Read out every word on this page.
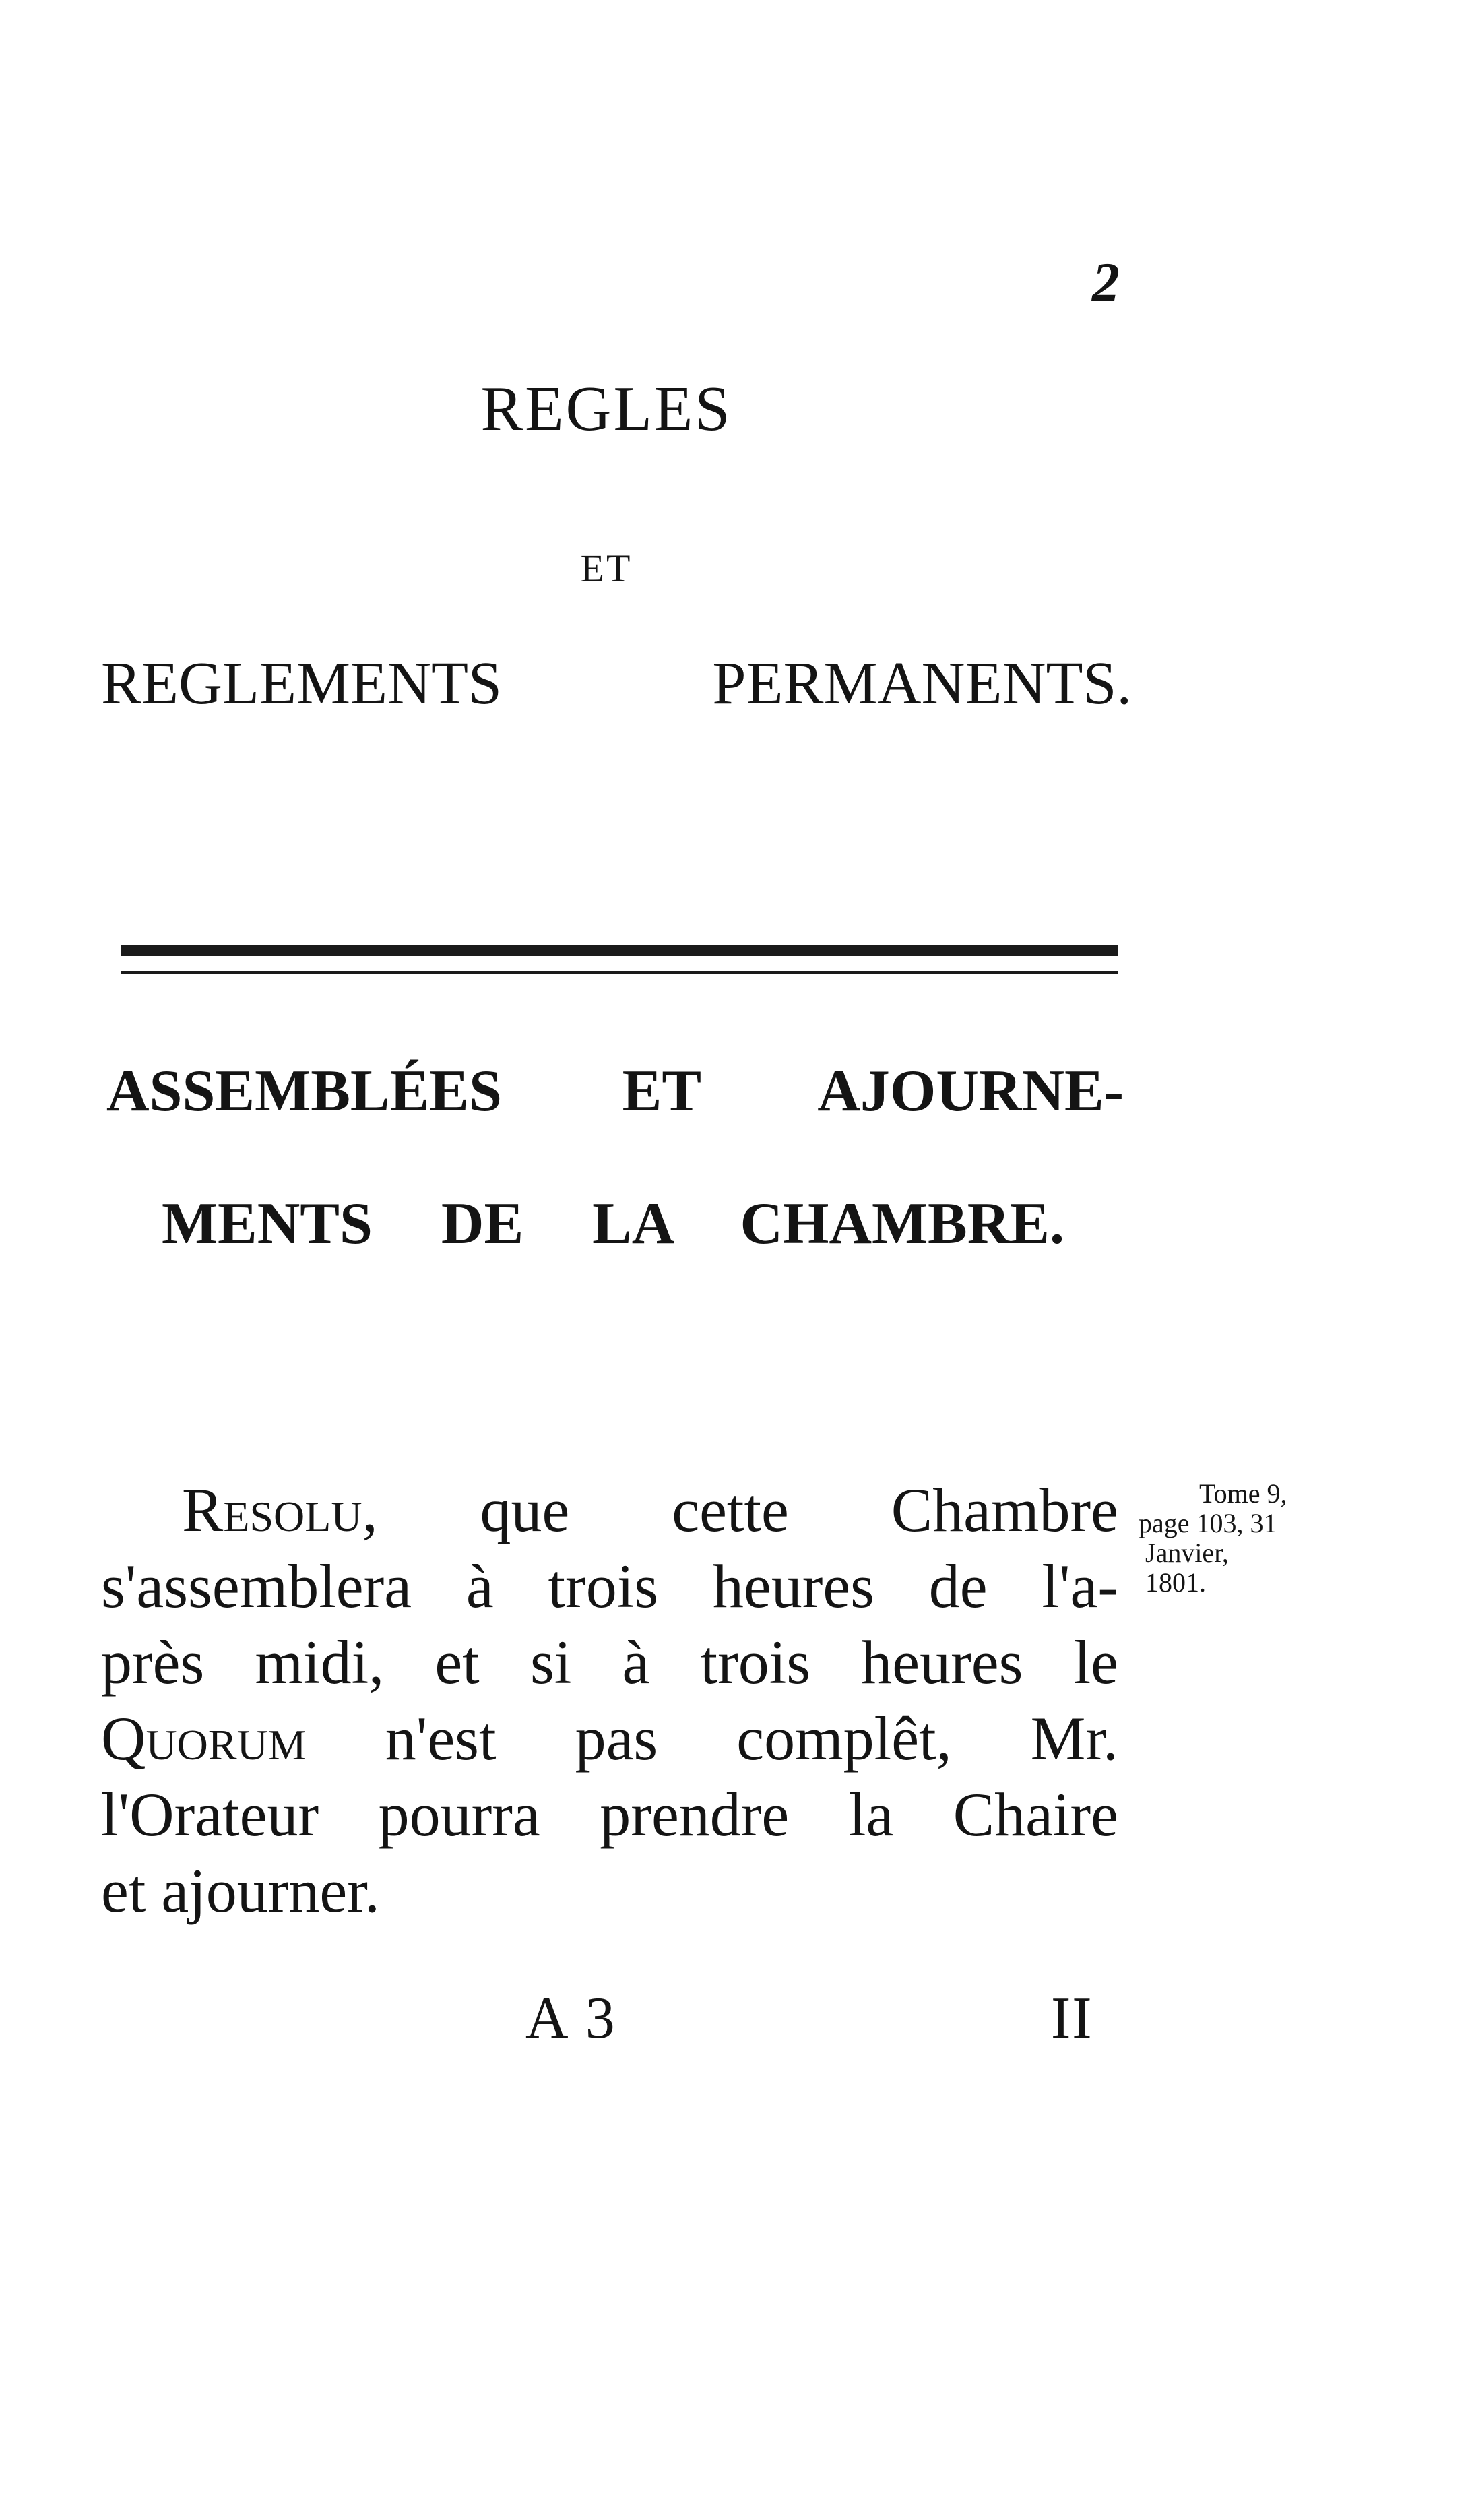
2
REGLES
ET
REGLEMENTS PERMANENTS.
ASSEMBLÉES ET AJOURNE-
MENTS DE LA CHAMBRE.
Resolu, que cette Chambre
s'assemblera à trois heures de l'a-
près midi, et si à trois heures le
Quorum n'est pas complêt, Mr.
l'Orateur pourra prendre la Chaire
et ajourner.
Tome 9,
page 103, 31
Janvier,
1801.
A 3	II
